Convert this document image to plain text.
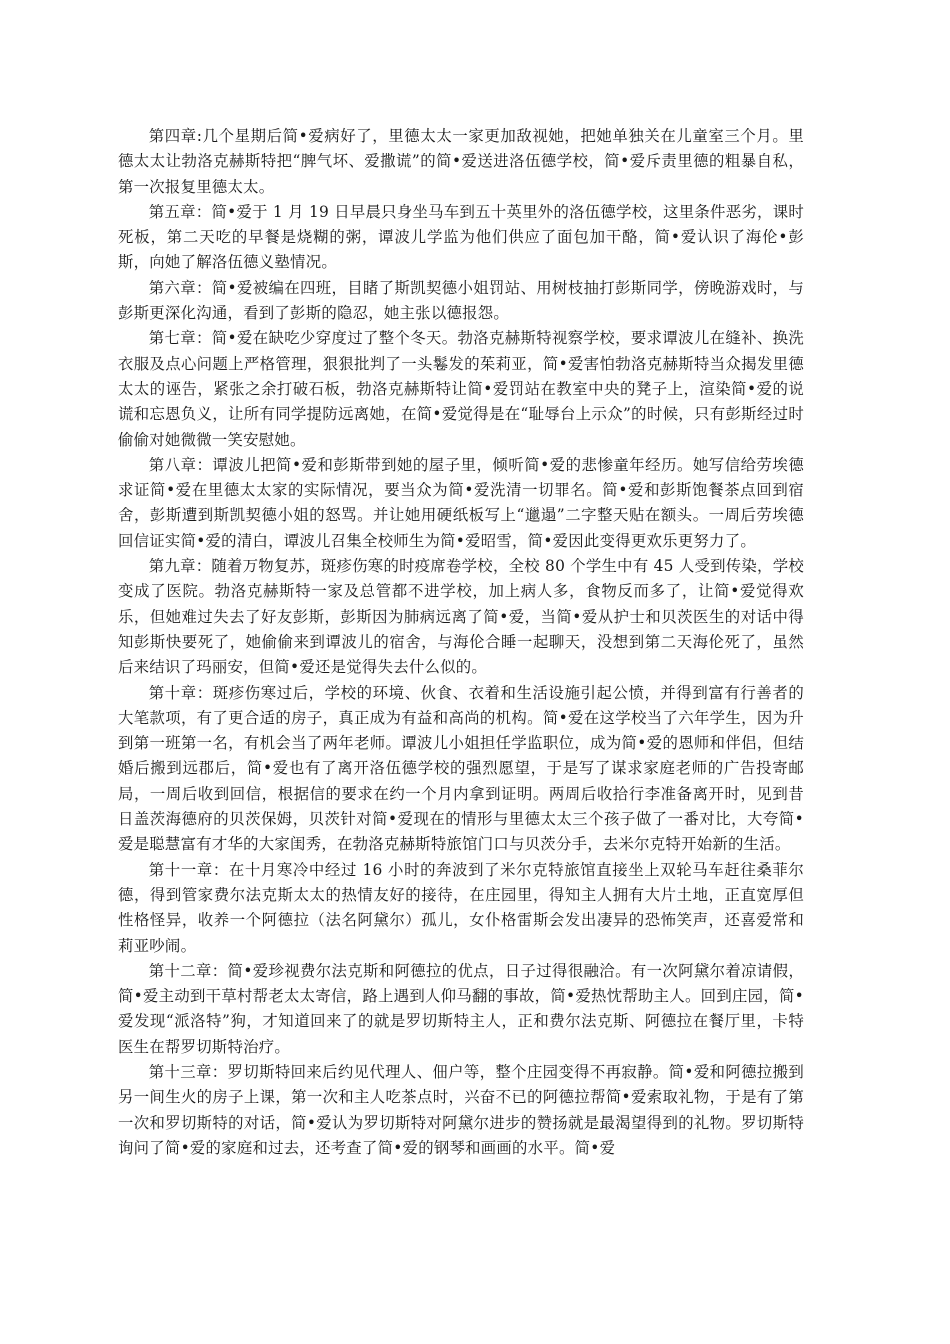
第四章:几个星期后简•爱病好了，里德太太一家更加敌视她，把她单独关在儿童室三个月。里德太太让勃洛克赫斯特把“脾气坏、爱撒谎”的简•爱送进洛伍德学校，简•爱斥责里德的粗暴自私，第一次报复里德太太。

第五章：简•爱于 1 月 19 日早晨只身坐马车到五十英里外的洛伍德学校，这里条件恶劣，课时死板，第二天吃的早餐是烧糊的粥，谭波儿学监为他们供应了面包加干酪，简•爱认识了海伦•彭斯，向她了解洛伍德义塾情况。

第六章：简•爱被编在四班，目睹了斯凯契德小姐罚站、用树枝抽打彭斯同学，傍晚游戏时，与彭斯更深化沟通，看到了彭斯的隐忍，她主张以德报怨。

第七章：简•爱在缺吃少穿度过了整个冬天。勃洛克赫斯特视察学校，要求谭波儿在缝补、换洗衣服及点心问题上严格管理，狠狠批判了一头鬈发的茱莉亚，简•爱害怕勃洛克赫斯特当众揭发里德太太的诬告，紧张之余打破石板，勃洛克赫斯特让简•爱罚站在教室中央的凳子上，渲染简•爱的说谎和忘恩负义，让所有同学提防远离她，在简•爱觉得是在“耻辱台上示众”的时候，只有彭斯经过时偷偷对她微微一笑安慰她。

第八章：谭波儿把简•爱和彭斯带到她的屋子里，倾听简•爱的悲惨童年经历。她写信给劳埃德求证简•爱在里德太太家的实际情况，要当众为简•爱洗清一切罪名。简•爱和彭斯饱餐茶点回到宿舍，彭斯遭到斯凯契德小姐的怒骂。并让她用硬纸板写上“邋遢”二字整天贴在额头。一周后劳埃德回信证实简•爱的清白，谭波儿召集全校师生为简•爱昭雪，简•爱因此变得更欢乐更努力了。

第九章：随着万物复苏，斑疹伤寒的时疫席卷学校，全校 80 个学生中有 45 人受到传染，学校变成了医院。勃洛克赫斯特一家及总管都不进学校，加上病人多，食物反而多了，让简•爱觉得欢乐，但她难过失去了好友彭斯，彭斯因为肺病远离了简•爱，当简•爱从护士和贝茨医生的对话中得知彭斯快要死了，她偷偷来到谭波儿的宿舍，与海伦合睡一起聊天，没想到第二天海伦死了，虽然后来结识了玛丽安，但简•爱还是觉得失去什么似的。

第十章：斑疹伤寒过后，学校的环境、伙食、衣着和生活设施引起公愤，并得到富有行善者的大笔款项，有了更合适的房子，真正成为有益和高尚的机构。简•爱在这学校当了六年学生，因为升到第一班第一名，有机会当了两年老师。谭波儿小姐担任学监职位，成为简•爱的恩师和伴侣，但结婚后搬到远郡后，简•爱也有了离开洛伍德学校的强烈愿望，于是写了谋求家庭老师的广告投寄邮局，一周后收到回信，根据信的要求在约一个月内拿到证明。两周后收拾行李准备离开时，见到昔日盖茨海德府的贝茨保姆，贝茨针对简•爱现在的情形与里德太太三个孩子做了一番对比，大夸简•爱是聪慧富有才华的大家闺秀，在勃洛克赫斯特旅馆门口与贝茨分手，去米尔克特开始新的生活。

第十一章：在十月寒冷中经过 16 小时的奔波到了米尔克特旅馆直接坐上双轮马车赶往桑菲尔德，得到管家费尔法克斯太太的热情友好的接待，在庄园里，得知主人拥有大片土地，正直宽厚但性格怪异，收养一个阿德拉（法名阿黛尔）孤儿，女仆格雷斯会发出凄异的恐怖笑声，还喜爱常和莉亚吵闹。

第十二章：简•爱珍视费尔法克斯和阿德拉的优点，日子过得很融洽。有一次阿黛尔着凉请假，简•爱主动到干草村帮老太太寄信，路上遇到人仰马翻的事故，简•爱热忱帮助主人。回到庄园，简•爱发现“派洛特”狗，才知道回来了的就是罗切斯特主人，正和费尔法克斯、阿德拉在餐厅里，卡特医生在帮罗切斯特治疗。

第十三章：罗切斯特回来后约见代理人、佃户等，整个庄园变得不再寂静。简•爱和阿德拉搬到另一间生火的房子上课，第一次和主人吃茶点时，兴奋不已的阿德拉帮简•爱索取礼物，于是有了第一次和罗切斯特的对话，简•爱认为罗切斯特对阿黛尔进步的赞扬就是最渴望得到的礼物。罗切斯特询问了简•爱的家庭和过去，还考查了简•爱的钢琴和画画的水平。简•爱
